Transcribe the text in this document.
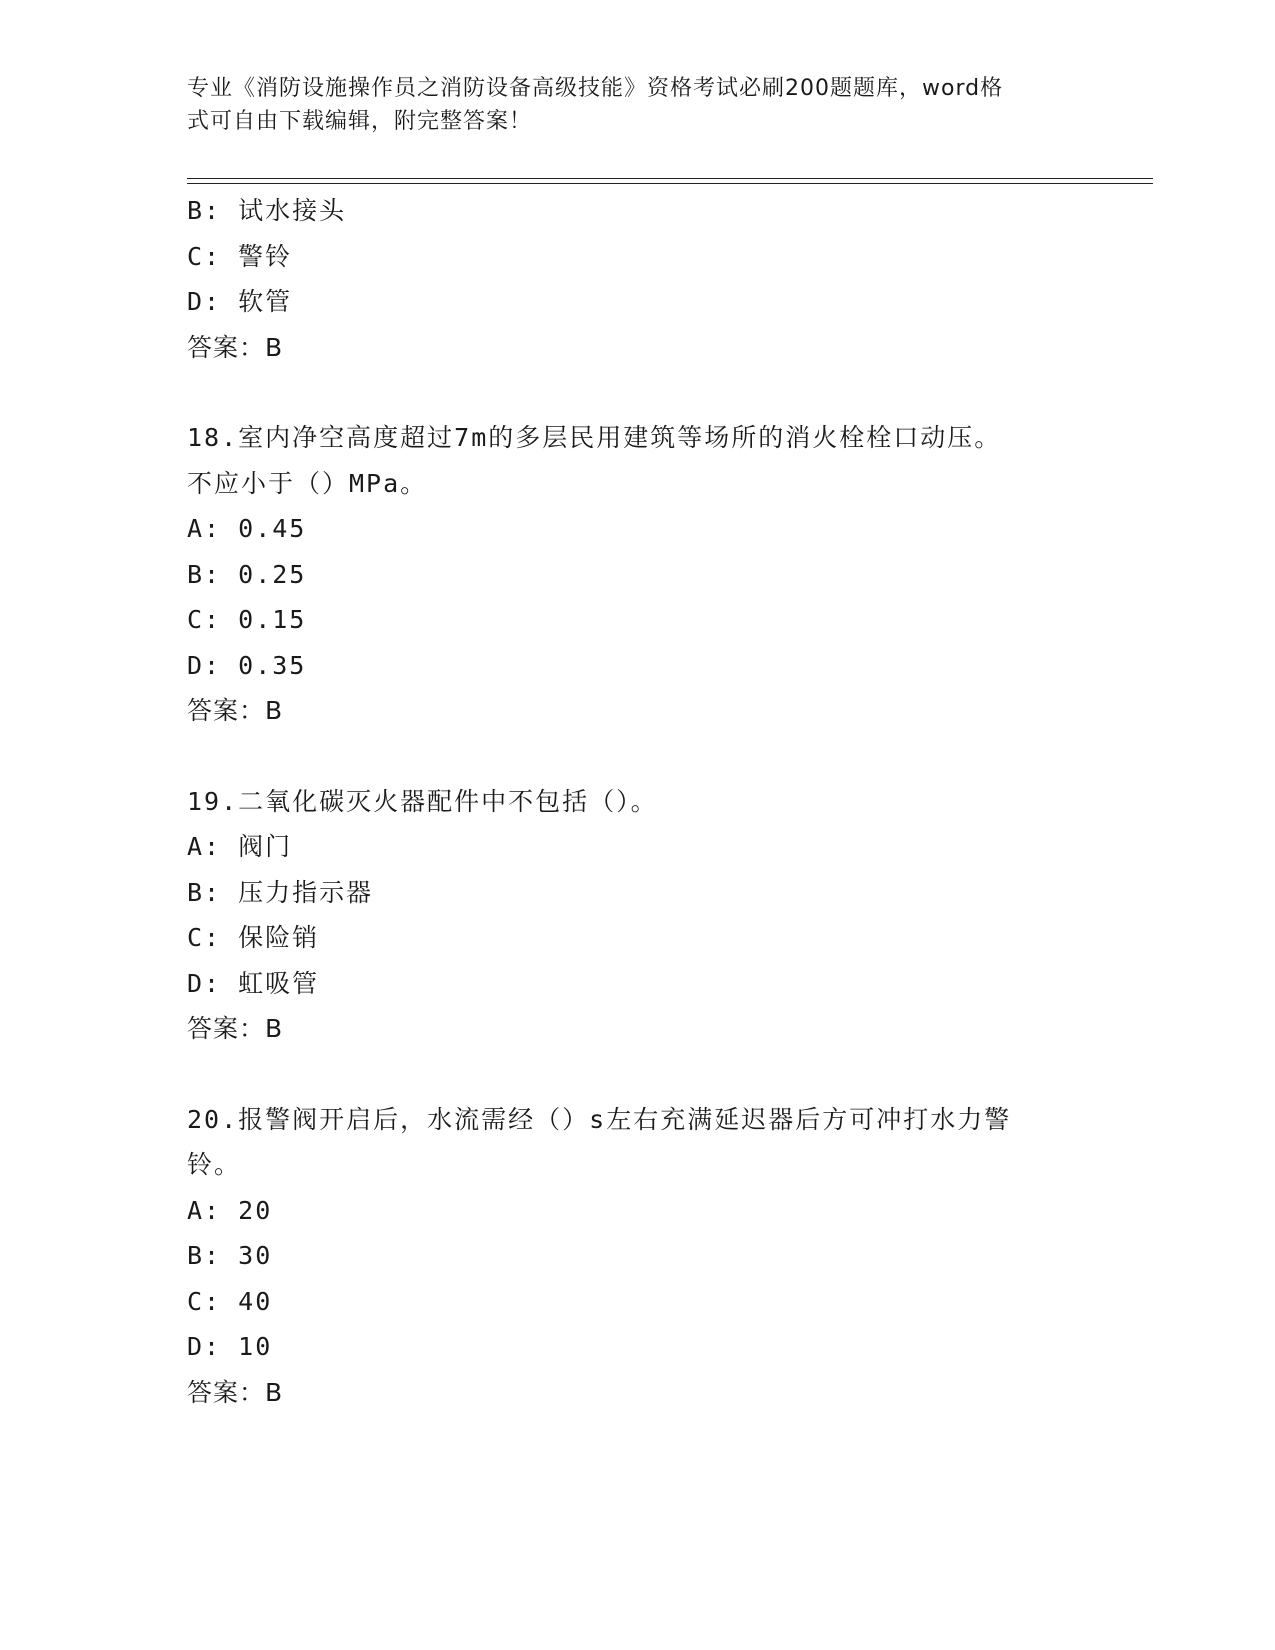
专业《消防设施操作员之消防设备高级技能》资格考试必刷200题题库，word格
式可自由下载编辑，附完整答案！
B: 试水接头
C: 警铃
D: 软管
答案：B
18.室内净空高度超过7m的多层民用建筑等场所的消火栓栓口动压。
不应小于（）MPa。
A: 0.45
B: 0.25
C: 0.15
D: 0.35
答案：B
19.二氧化碳灭火器配件中不包括（）。
A: 阀门
B: 压力指示器
C: 保险销
D: 虹吸管
答案：B
20.报警阀开启后，水流需经（）s左右充满延迟器后方可冲打水力警
铃。
A: 20
B: 30
C: 40
D: 10
答案：B
